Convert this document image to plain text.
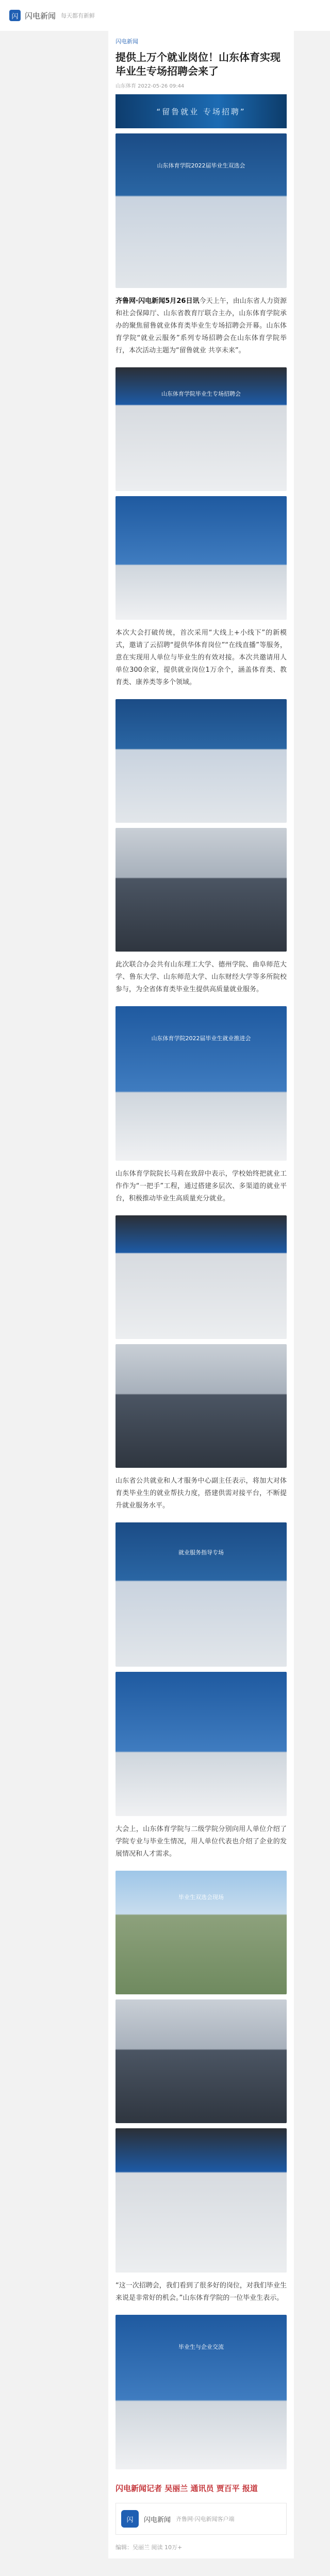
闪 闪电新闻 每天都有新鲜
闪电新闻
提供上万个就业岗位！山东体育实现毕业生专场招聘会来了
山东体育 2022-05-26 09:44
“留鲁就业 专场招聘”
山东体育学院2022届毕业生双选会
齐鲁网·闪电新闻5月26日讯今天上午，由山东省人力资源和社会保障厅、山东省教育厅联合主办，山东体育学院承办的聚焦留鲁就业体育类毕业生专场招聘会开幕。山东体育学院“就业云服务”系列专场招聘会在山东体育学院举行，本次活动主题为“留鲁就业 共享未来”。
山东体育学院毕业生专场招聘会
本次大会打破传统，首次采用“大线上+小线下”的新模式，邀请了云招聘“提供华体育岗位”“在线直播”等服务，意在实现用人单位与毕业生的有效对接。本次共邀请用人单位300余家，提供就业岗位1万余个，涵盖体育类、教育类、康养类等多个领域。
此次联合办会共有山东理工大学、德州学院、曲阜师范大学、鲁东大学、山东师范大学、山东财经大学等多所院校参与，为全省体育类毕业生提供高质量就业服务。
山东体育学院2022届毕业生就业推进会
山东体育学院院长马莉在致辞中表示，学校始终把就业工作作为“一把手”工程，通过搭建多层次、多渠道的就业平台，积极推动毕业生高质量充分就业。
山东省公共就业和人才服务中心副主任表示，将加大对体育类毕业生的就业帮扶力度，搭建供需对接平台，不断提升就业服务水平。
就业服务指导专场
大会上，山东体育学院与二级学院分别向用人单位介绍了学院专业与毕业生情况，用人单位代表也介绍了企业的发展情况和人才需求。
毕业生双选会现场
“这一次招聘会，我们看到了很多好的岗位，对我们毕业生来说是非常好的机会。”山东体育学院的一位毕业生表示。
毕业生与企业交流
闪电新闻记者 吴丽兰 通讯员 贾百平 报道
闪	闪电新闻 齐鲁网·闪电新闻客户端
编辑：吴丽兰 阅读 10万+
